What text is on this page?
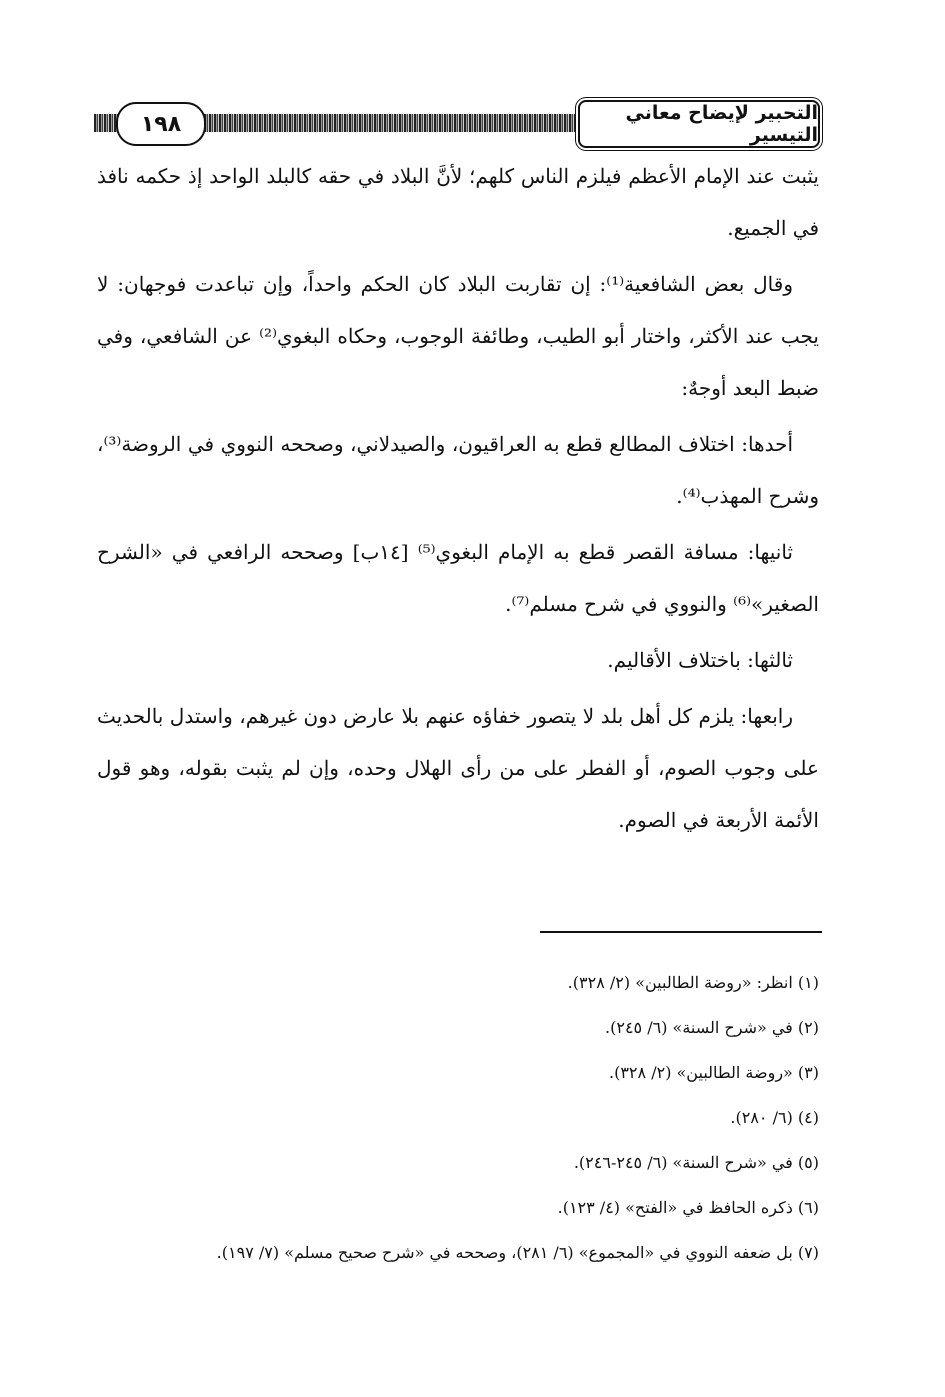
١٩٨	التحبير لإيضاح معاني التيسير

يثبت عند الإمام الأعظم فيلزم الناس كلهم؛ لأنَّ البلاد في حقه كالبلد الواحد إذ حكمه نافذ في الجميع.

وقال بعض الشافعية⁽¹⁾: إن تقاربت البلاد كان الحكم واحداً، وإن تباعدت فوجهان: لا يجب عند الأكثر، واختار أبو الطيب، وطائفة الوجوب، وحكاه البغوي⁽²⁾ عن الشافعي، وفي ضبط البعد أوجهٌ:

أحدها: اختلاف المطالع قطع به العراقيون، والصيدلاني، وصححه النووي في الروضة⁽³⁾، وشرح المهذب⁽⁴⁾.

ثانيها: مسافة القصر قطع به الإمام البغوي⁽⁵⁾ [١٤ب] وصححه الرافعي في «الشرح الصغير»⁽⁶⁾ والنووي في شرح مسلم⁽⁷⁾.

ثالثها: باختلاف الأقاليم.

رابعها: يلزم كل أهل بلد لا يتصور خفاؤه عنهم بلا عارض دون غيرهم، واستدل بالحديث على وجوب الصوم، أو الفطر على من رأى الهلال وحده، وإن لم يثبت بقوله، وهو قول الأئمة الأربعة في الصوم.

(١) انظر: «روضة الطالبين» (٢/ ٣٢٨).
(٢) في «شرح السنة» (٦/ ٢٤٥).
(٣) «روضة الطالبين» (٢/ ٣٢٨).
(٤) (٦/ ٢٨٠).
(٥) في «شرح السنة» (٦/ ٢٤٥-٢٤٦).
(٦) ذكره الحافظ في «الفتح» (٤/ ١٢٣).
(٧) بل ضعفه النووي في «المجموع» (٦/ ٢٨١)، وصححه في «شرح صحيح مسلم» (٧/ ١٩٧).
